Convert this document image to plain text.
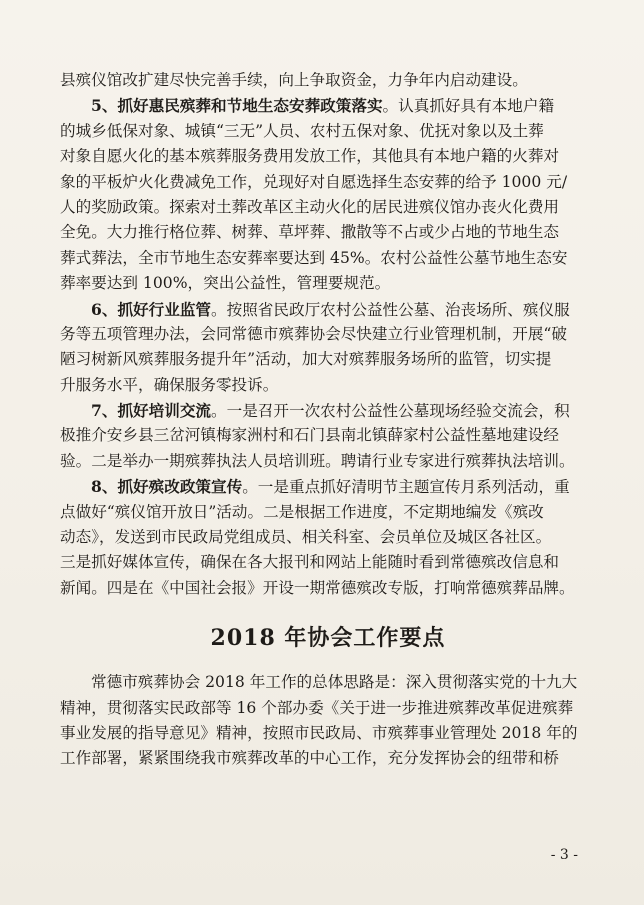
县殡仪馆改扩建尽快完善手续，向上争取资金，力争年内启动建设。
5、抓好惠民殡葬和节地生态安葬政策落实。认真抓好具有本地户籍
的城乡低保对象、城镇“三无”人员、农村五保对象、优抚对象以及土葬
对象自愿火化的基本殡葬服务费用发放工作，其他具有本地户籍的火葬对
象的平板炉火化费减免工作，兑现好对自愿选择生态安葬的给予 1000 元/
人的奖励政策。探索对土葬改革区主动火化的居民进殡仪馆办丧火化费用
全免。大力推行格位葬、树葬、草坪葬、撒散等不占或少占地的节地生态
葬式葬法，全市节地生态安葬率要达到 45%。农村公益性公墓节地生态安
葬率要达到 100%，突出公益性，管理要规范。
6、抓好行业监管。按照省民政厅农村公益性公墓、治丧场所、殡仪服
务等五项管理办法，会同常德市殡葬协会尽快建立行业管理机制，开展“破
陋习树新风殡葬服务提升年”活动，加大对殡葬服务场所的监管，切实提
升服务水平，确保服务零投诉。
7、抓好培训交流。一是召开一次农村公益性公墓现场经验交流会，积
极推介安乡县三岔河镇梅家洲村和石门县南北镇薛家村公益性墓地建设经
验。二是举办一期殡葬执法人员培训班。聘请行业专家进行殡葬执法培训。
8、抓好殡改政策宣传。一是重点抓好清明节主题宣传月系列活动，重
点做好“殡仪馆开放日”活动。二是根据工作进度，不定期地编发《殡改
动态》，发送到市民政局党组成员、相关科室、会员单位及城区各社区。
三是抓好媒体宣传，确保在各大报刊和网站上能随时看到常德殡改信息和
新闻。四是在《中国社会报》开设一期常德殡改专版，打响常德殡葬品牌。
2018 年协会工作要点
常德市殡葬协会 2018 年工作的总体思路是：深入贯彻落实党的十九大
精神，贯彻落实民政部等 16 个部办委《关于进一步推进殡葬改革促进殡葬
事业发展的指导意见》精神，按照市民政局、市殡葬事业管理处 2018 年的
工作部署，紧紧围绕我市殡葬改革的中心工作，充分发挥协会的纽带和桥
- 3 -
